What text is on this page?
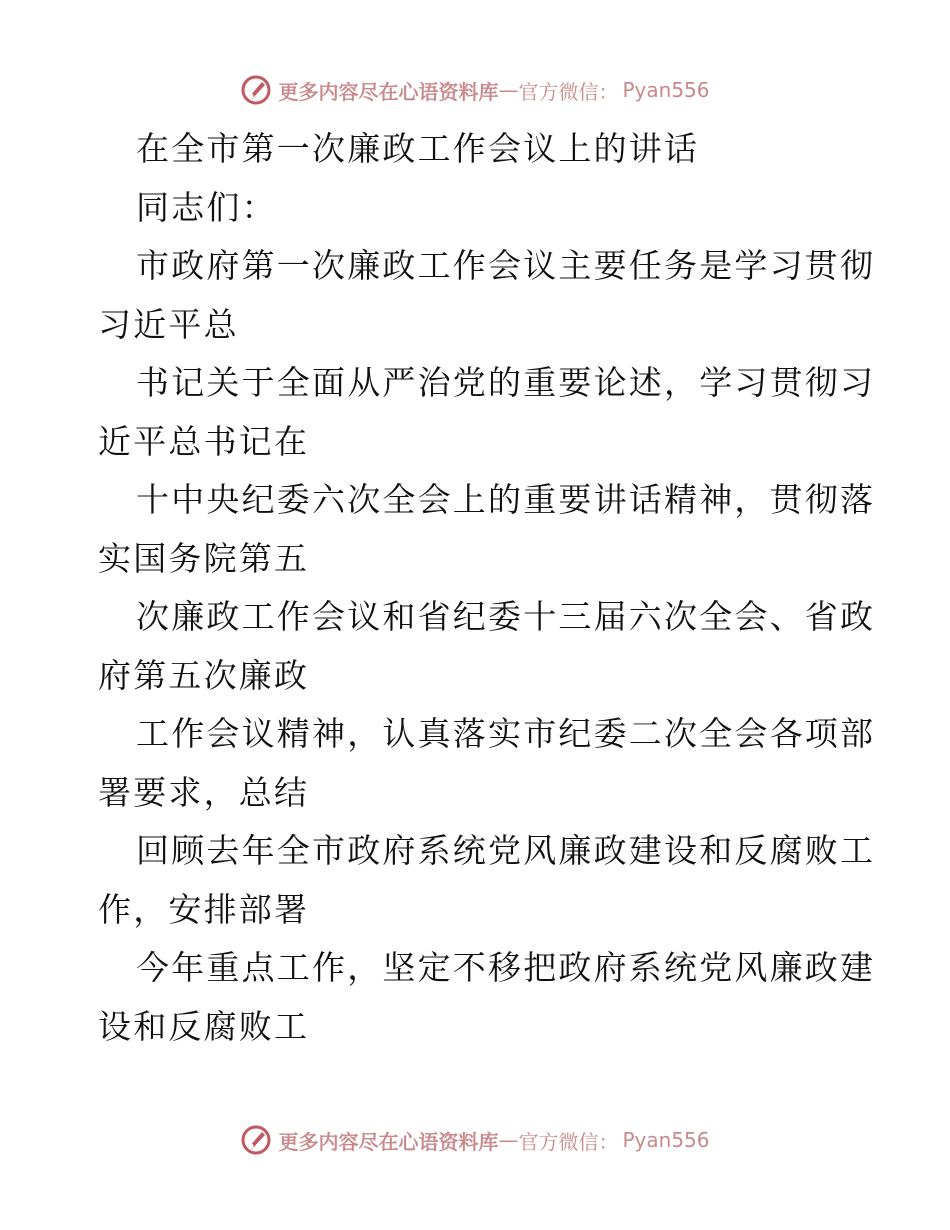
更多内容尽在心语资料库 — 官方微信： Pyan556
在全市第一次廉政工作会议上的讲话
同志们：
市政府第一次廉政工作会议主要任务是学习贯彻
习近平总
书记关于全面从严治党的重要论述，学习贯彻习
近平总书记在
十中央纪委六次全会上的重要讲话精神，贯彻落
实国务院第五
次廉政工作会议和省纪委十三届六次全会、省政
府第五次廉政
工作会议精神，认真落实市纪委二次全会各项部
署要求，总结
回顾去年全市政府系统党风廉政建设和反腐败工
作，安排部署
今年重点工作，坚定不移把政府系统党风廉政建
设和反腐败工
更多内容尽在心语资料库 — 官方微信： Pyan556
